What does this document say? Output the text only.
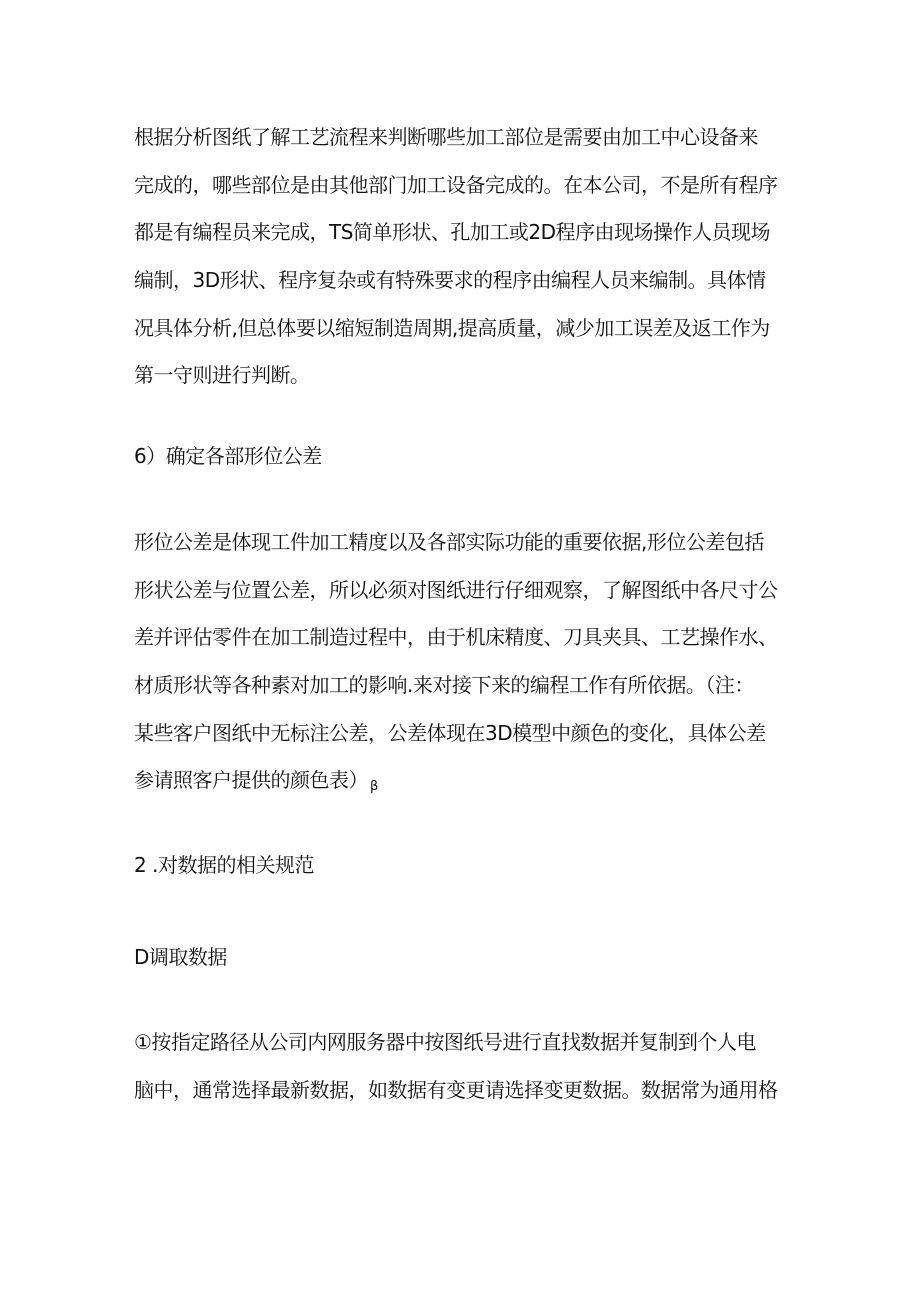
根据分析图纸了解工艺流程来判断哪些加工部位是需要由加工中心设备来
完成的，哪些部位是由其他部门加工设备完成的。在本公司，不是所有程序
都是有编程员来完成，TS简单形状、孔加工或2D程序由现场操作人员现场
编制，3D形状、程序复杂或有特殊要求的程序由编程人员来编制。具体情
况具体分析,但总体要以缩短制造周期,提高质量，减少加工误差及返工作为
第一守则进行判断。
6）确定各部形位公差
形位公差是体现工件加工精度以及各部实际功能的重要依据,形位公差包括
形状公差与位置公差，所以必须对图纸进行仔细观察，了解图纸中各尺寸公
差并评估零件在加工制造过程中，由于机床精度、刀具夹具、工艺操作水、
材质形状等各种素对加工的影响.来对接下来的编程工作有所依据。（注：
某些客户图纸中无标注公差，公差体现在3D模型中颜色的变化，具体公差
参请照客户提供的颜色表） $_\beta$
2 .对数据的相关规范
D调取数据
①按指定路径从公司内网服务器中按图纸号进行直找数据并复制到个人电
脑中，通常选择最新数据，如数据有变更请选择变更数据。数据常为通用格
